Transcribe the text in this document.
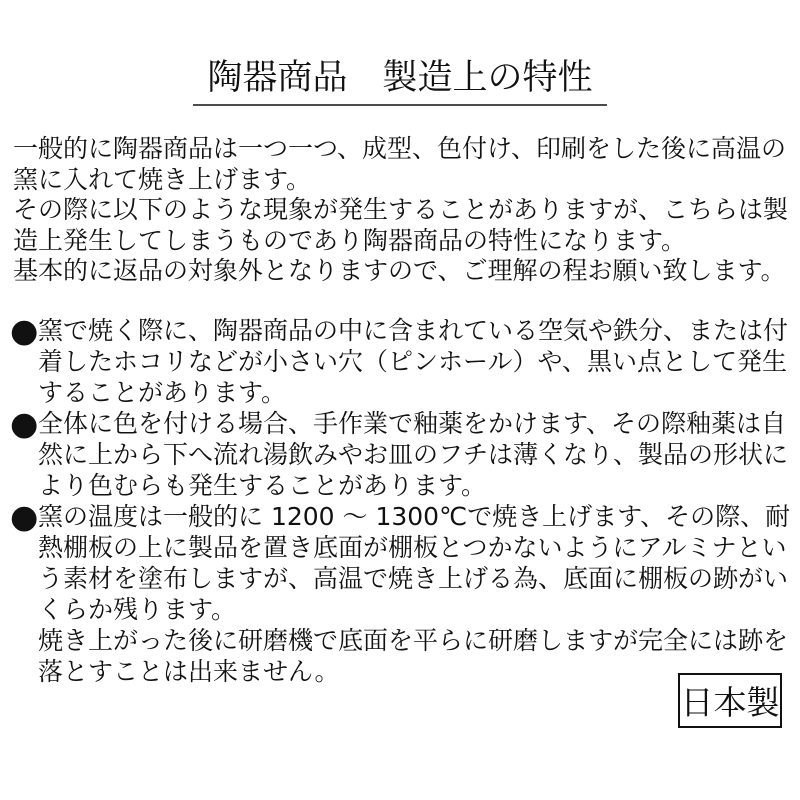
陶器商品　製造上の特性
一般的に陶器商品は一つ一つ、成型、色付け、印刷をした後に高温の
窯に入れて焼き上げます。
その際に以下のような現象が発生することがありますが、こちらは製
造上発生してしまうものであり陶器商品の特性になります。
基本的に返品の対象外となりますので、ご理解の程お願い致します。
●窯で焼く際に、陶器商品の中に含まれている空気や鉄分、または付
着したホコリなどが小さい穴（ピンホール）や、黒い点として発生
することがあります。
●全体に色を付ける場合、手作業で釉薬をかけます、その際釉薬は自
然に上から下へ流れ湯飲みやお皿のフチは薄くなり、製品の形状に
より色むらも発生することがあります。
●窯の温度は一般的に 1200 ～ 1300℃で焼き上げます、その際、耐
熱棚板の上に製品を置き底面が棚板とつかないようにアルミナとい
う素材を塗布しますが、高温で焼き上げる為、底面に棚板の跡がい
くらか残ります。
焼き上がった後に研磨機で底面を平らに研磨しますが完全には跡を
落とすことは出来ません。
日本製
